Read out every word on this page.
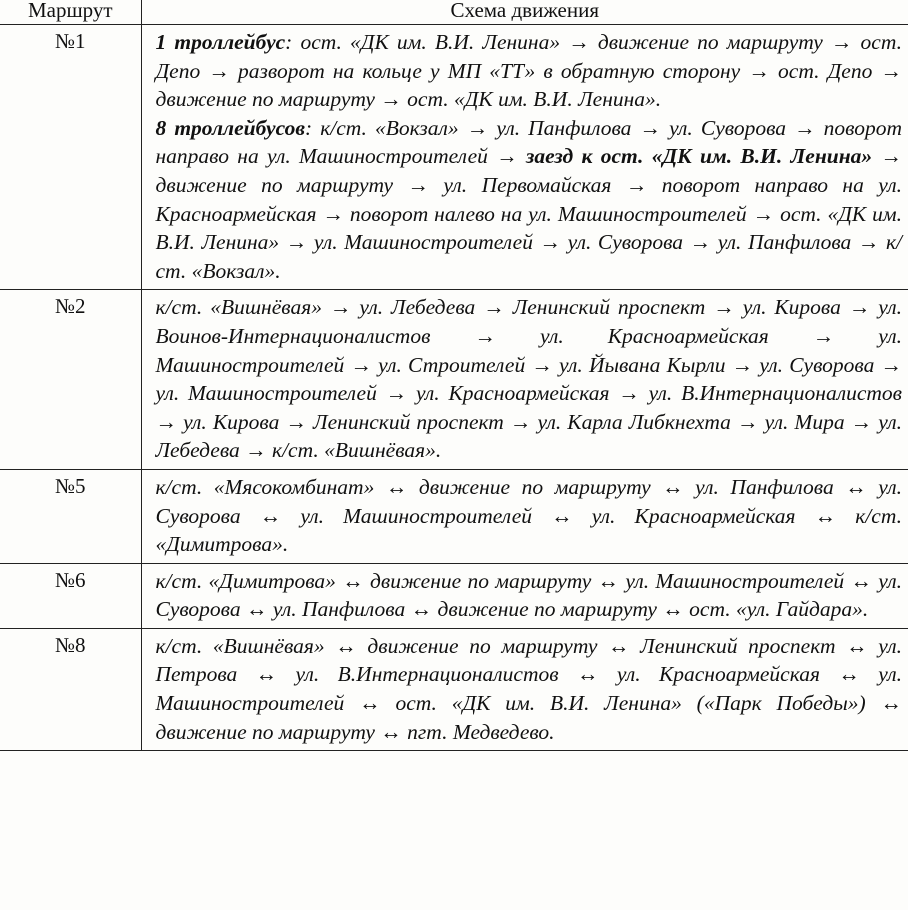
Маршрут	Схема движения
№1	1 троллейбус: ост. «ДК им. В.И. Ленина» → движение по маршруту → ост. Депо → разворот на кольце у МП «ТТ» в обратную сторону → ост. Депо → движение по маршруту → ост. «ДК им. В.И. Ленина».

8 троллейбусов: к/ст. «Вокзал» → ул. Панфилова → ул. Суворова → поворот направо на ул. Машиностроителей → заезд к ост. «ДК им. В.И. Ленина» → движение по маршруту → ул. Первомайская → поворот направо на ул. Красноармейская → поворот налево на ул. Машиностроителей → ост. «ДК им. В.И. Ленина» → ул. Машиностроителей → ул. Суворова → ул. Панфилова → к/ст. «Вокзал».

№2	к/ст. «Вишнёвая» → ул. Лебедева → Ленинский проспект → ул. Кирова → ул. Воинов-Интернационалистов → ул. Красноармейская → ул. Машиностроителей → ул. Строителей → ул. Йывана Кырли → ул. Суворова → ул. Машиностроителей → ул. Красноармейская → ул. В.Интернационалистов → ул. Кирова → Ленинский проспект → ул. Карла Либкнехта → ул. Мира → ул. Лебедева → к/ст. «Вишнёвая».

№5	к/ст. «Мясокомбинат» ↔ движение по маршруту ↔ ул. Панфилова ↔ ул. Суворова ↔ ул. Машиностроителей ↔ ул. Красноармейская ↔ к/ст. «Димитрова».

№6	к/ст. «Димитрова» ↔ движение по маршруту ↔ ул. Машиностроителей ↔ ул. Суворова ↔ ул. Панфилова ↔ движение по маршруту ↔ ост. «ул. Гайдара».

№8	к/ст. «Вишнёвая» ↔ движение по маршруту ↔ Ленинский проспект ↔ ул. Петрова ↔ ул. В.Интернационалистов ↔ ул. Красноармейская ↔ ул. Машиностроителей ↔ ост. «ДК им. В.И. Ленина» («Парк Победы») ↔ движение по маршруту ↔ пгт. Медведево.
